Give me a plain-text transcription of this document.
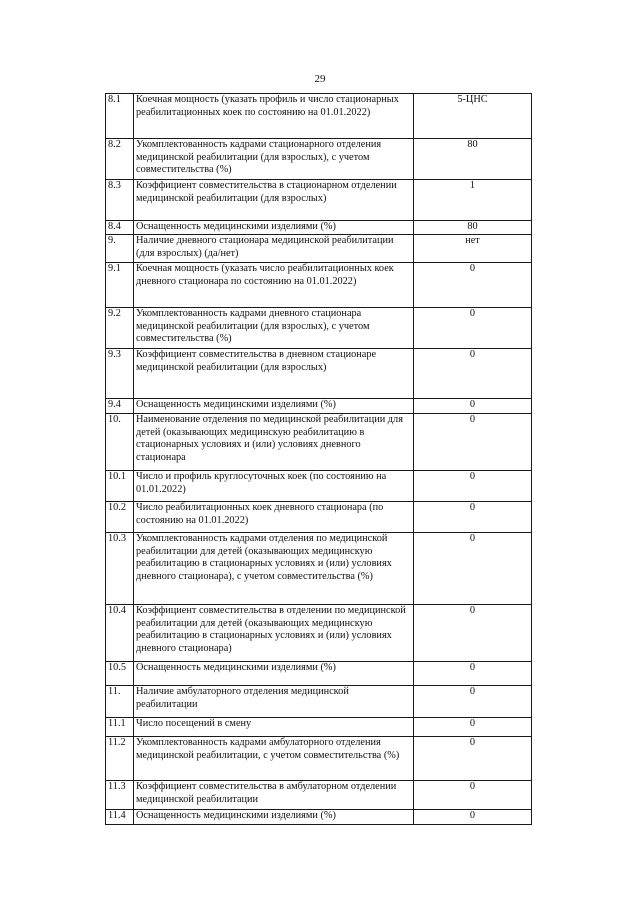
29
8.1	Коечная мощность (указать профиль и число стационарных реабилитационных коек по состоянию на 01.01.2022)	5-ЦНС
8.2	Укомплектованность кадрами стационарного отделения медицинской реабилитации (для взрослых), с учетом совместительства (%)	80
8.3	Коэффициент совместительства в стационарном отделении медицинской реабилитации (для взрослых)	1
8.4	Оснащенность медицинскими изделиями (%)	80
9.	Наличие дневного стационара медицинской реабилитации (для взрослых) (да/нет)	нет
9.1	Коечная мощность (указать число реабилитационных коек дневного стационара по состоянию на 01.01.2022)	0
9.2	Укомплектованность кадрами дневного стационара медицинской реабилитации (для взрослых), с учетом совместительства (%)	0
9.3	Коэффициент совместительства в дневном стационаре медицинской реабилитации (для взрослых)	0
9.4	Оснащенность медицинскими изделиями (%)	0
10.	Наименование отделения по медицинской реабилитации для детей (оказывающих медицинскую реабилитацию в стационарных условиях и (или) условиях дневного стационара	0
10.1	Число и профиль круглосуточных коек (по состоянию на 01.01.2022)	0
10.2	Число реабилитационных коек дневного стационара (по состоянию на 01.01.2022)	0
10.3	Укомплектованность кадрами отделения по медицинской реабилитации для детей (оказывающих медицинскую реабилитацию в стационарных условиях и (или) условиях дневного стационара), с учетом совместительства (%)	0
10.4	Коэффициент совместительства в отделении по медицинской реабилитации для детей (оказывающих медицинскую реабилитацию в стационарных условиях и (или) условиях дневного стационара)	0
10.5	Оснащенность медицинскими изделиями (%)	0
11.	Наличие амбулаторного отделения медицинской реабилитации	0
11.1	Число посещений в смену	0
11.2	Укомплектованность кадрами амбулаторного отделения медицинской реабилитации, с учетом совместительства (%)	0
11.3	Коэффициент совместительства в амбулаторном отделении медицинской реабилитации	0
11.4	Оснащенность медицинскими изделиями (%)	0
